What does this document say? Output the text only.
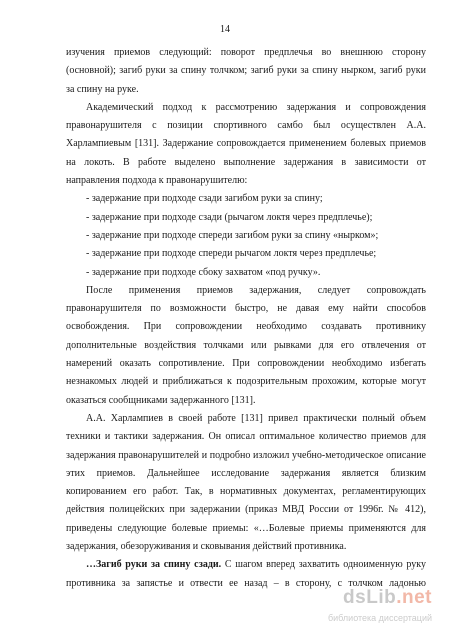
14

изучения приемов следующий: поворот предплечья во внешнюю сторону (основной); загиб руки за спину толчком; загиб руки за спину нырком, загиб руки за спину на руке.

Академический подход к рассмотрению задержания и сопровождения правонарушителя с позиции спортивного самбо был осуществлен А.А. Харлампиевым [131]. Задержание сопровождается применением болевых приемов на локоть. В работе выделено выполнение задержания в зависимости от направления подхода к правонарушителю:

- задержание при подходе сзади загибом руки за спину;

- задержание при подходе сзади (рычагом локтя через предплечье);

- задержание при подходе спереди загибом руки за спину «нырком»;

- задержание при подходе спереди рычагом локтя через предплечье;

- задержание при подходе сбоку захватом «под ручку».

После применения приемов задержания, следует сопровождать правонарушителя по возможности быстро, не давая ему найти способов освобождения. При сопровождении необходимо создавать противнику дополнительные воздействия толчками или рывками для его отвлечения от намерений оказать сопротивление. При сопровождении необходимо избегать незнакомых людей и приближаться к подозрительным прохожим, которые могут оказаться сообщниками задержанного [131].

А.А. Харлампиев в своей работе [131] привел практически полный объем техники и тактики задержания. Он описал оптимальное количество приемов для задержания правонарушителей и подробно изложил учебно-методическое описание этих приемов. Дальнейшее исследование задержания является близким копированием его работ. Так, в нормативных документах, регламентирующих действия полицейских при задержании (приказ МВД России от 1996г. № 412), приведены следующие болевые приемы: «…Болевые приемы применяются для задержания, обезоруживания и сковывания действий противника.

…Загиб руки за спину сзади. С шагом вперед захватить одноименную руку противника за запястье и отвести ее назад – в сторону, с толчком ладонью

dsLib.net
библиотека диссертаций
